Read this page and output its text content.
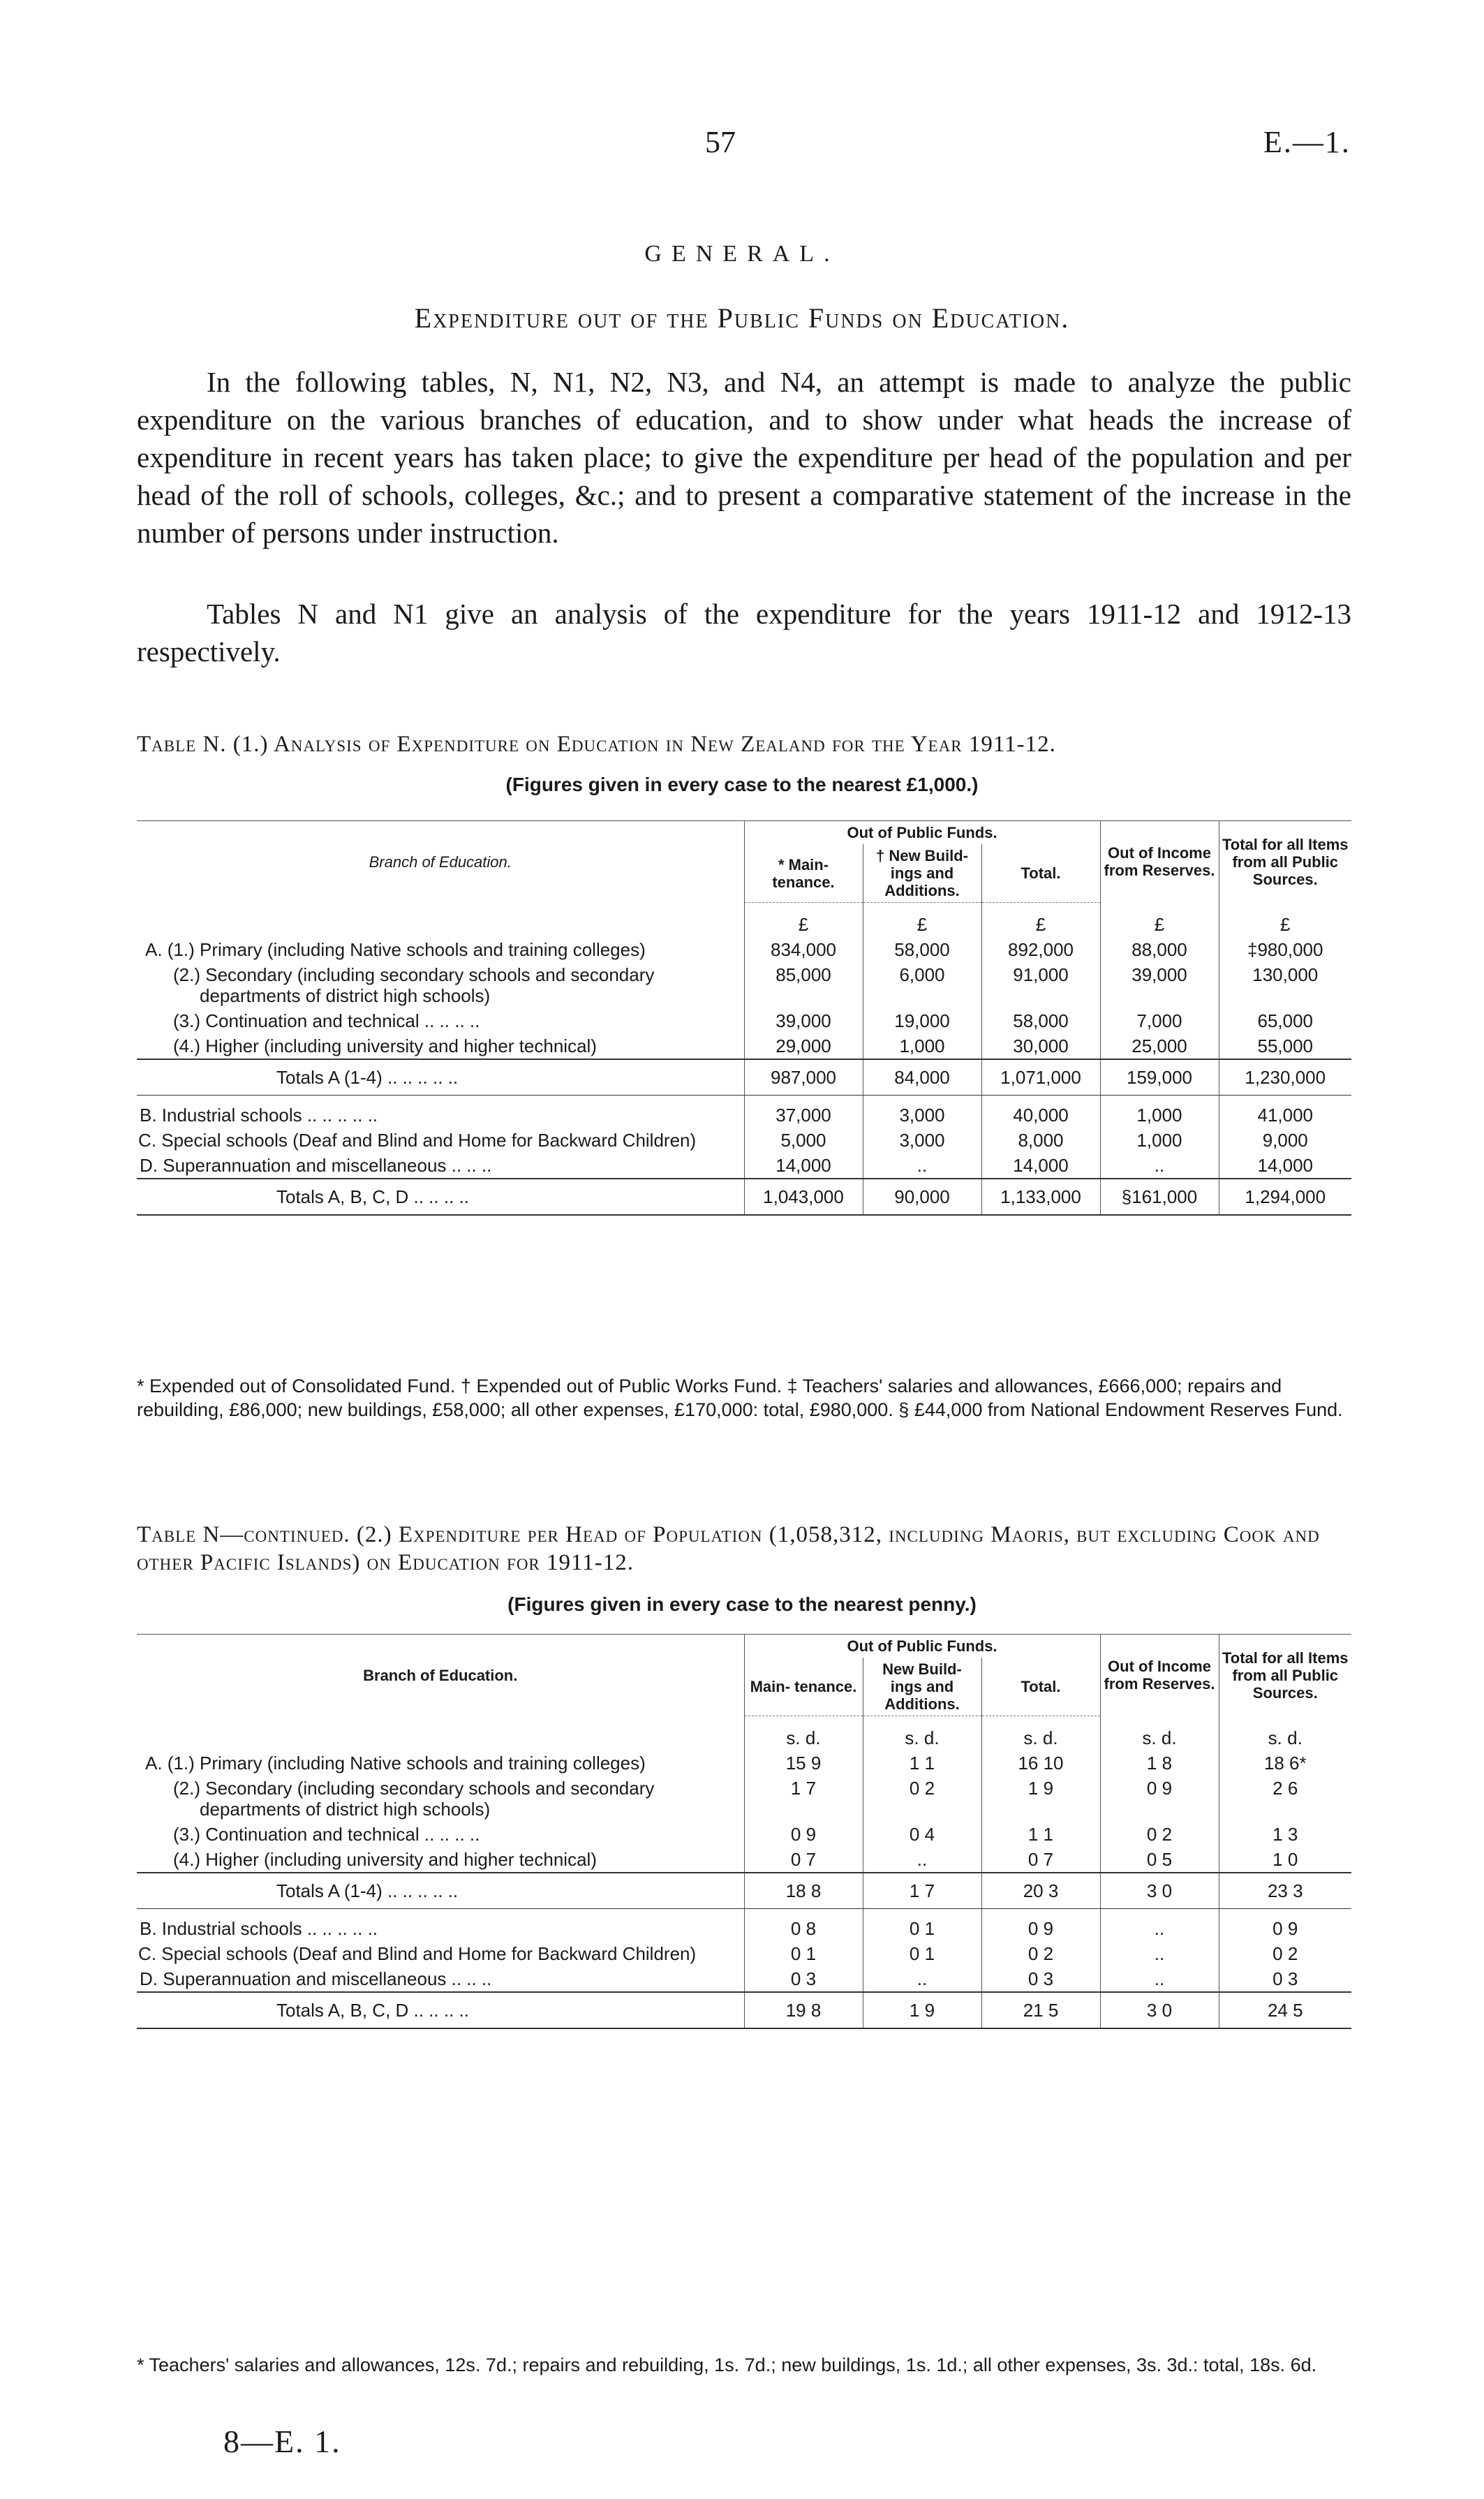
57	E.—1.
GENERAL.
Expenditure out of the Public Funds on Education.
In the following tables, N, N1, N2, N3, and N4, an attempt is made to analyze the public expenditure on the various branches of education, and to show under what heads the increase of expenditure in recent years has taken place; to give the expenditure per head of the population and per head of the roll of schools, colleges, &c.; and to present a comparative statement of the increase in the number of persons under instruction.
Tables N and N1 give an analysis of the expenditure for the years 1911-12 and 1912-13 respectively.
Table N. (1.) Analysis of Expenditure on Education in New Zealand for the Year 1911-12.
(Figures given in every case to the nearest £1,000.)
Branch of Education.	Out of Public Funds.			Out of Income from Reserves.	Total for all Items from all Public Sources.
	* Main- tenance.	† New Build- ings and Additions.	Total.		
	£	£	£	£	£
A. (1.) Primary (including Native schools and training colleges)	834,000	58,000	892,000	88,000	‡980,000
(2.) Secondary (including secondary schools and secondary departments of district high schools)	85,000	6,000	91,000	39,000	130,000
(3.) Continuation and technical .. .. .. ..	39,000	19,000	58,000	7,000	65,000
(4.) Higher (including university and higher technical)	29,000	1,000	30,000	25,000	55,000
Totals A (1-4) .. .. .. .. ..	987,000	84,000	1,071,000	159,000	1,230,000

B. Industrial schools .. .. .. .. ..	37,000	3,000	40,000	1,000	41,000
C. Special schools (Deaf and Blind and Home for Backward Children)	5,000	3,000	8,000	1,000	9,000
D. Superannuation and miscellaneous .. .. ..	14,000	..	14,000	..	14,000
Totals A, B, C, D .. .. .. ..	1,043,000	90,000	1,133,000	§161,000	1,294,000
* Expended out of Consolidated Fund. † Expended out of Public Works Fund. ‡ Teachers' salaries and allowances, £666,000; repairs and rebuilding, £86,000; new buildings, £58,000; all other expenses, £170,000: total, £980,000. § £44,000 from National Endowment Reserves Fund.
Table N—continued. (2.) Expenditure per Head of Population (1,058,312, including Maoris, but excluding Cook and other Pacific Islands) on Education for 1911-12.
(Figures given in every case to the nearest penny.)
Branch of Education.	Out of Public Funds.			Out of Income from Reserves.	Total for all Items from all Public Sources.
	Main- tenance.	New Build- ings and Additions.	Total.		
	s. d.	s. d.	s. d.	s. d.	s. d.
A. (1.) Primary (including Native schools and training colleges)	15 9	1 1	16 10	1 8	18 6*
(2.) Secondary (including secondary schools and secondary departments of district high schools)	1 7	0 2	1 9	0 9	2 6
(3.) Continuation and technical .. .. .. ..	0 9	0 4	1 1	0 2	1 3
(4.) Higher (including university and higher technical)	0 7	..	0 7	0 5	1 0
Totals A (1-4) .. .. .. .. ..	18 8	1 7	20 3	3 0	23 3

B. Industrial schools .. .. .. .. ..	0 8	0 1	0 9	..	0 9
C. Special schools (Deaf and Blind and Home for Backward Children)	0 1	0 1	0 2	..	0 2
D. Superannuation and miscellaneous .. .. ..	0 3	..	0 3	..	0 3
Totals A, B, C, D .. .. .. ..	19 8	1 9	21 5	3 0	24 5
* Teachers' salaries and allowances, 12s. 7d.; repairs and rebuilding, 1s. 7d.; new buildings, 1s. 1d.; all other expenses, 3s. 3d.: total, 18s. 6d.
8—E. 1.
